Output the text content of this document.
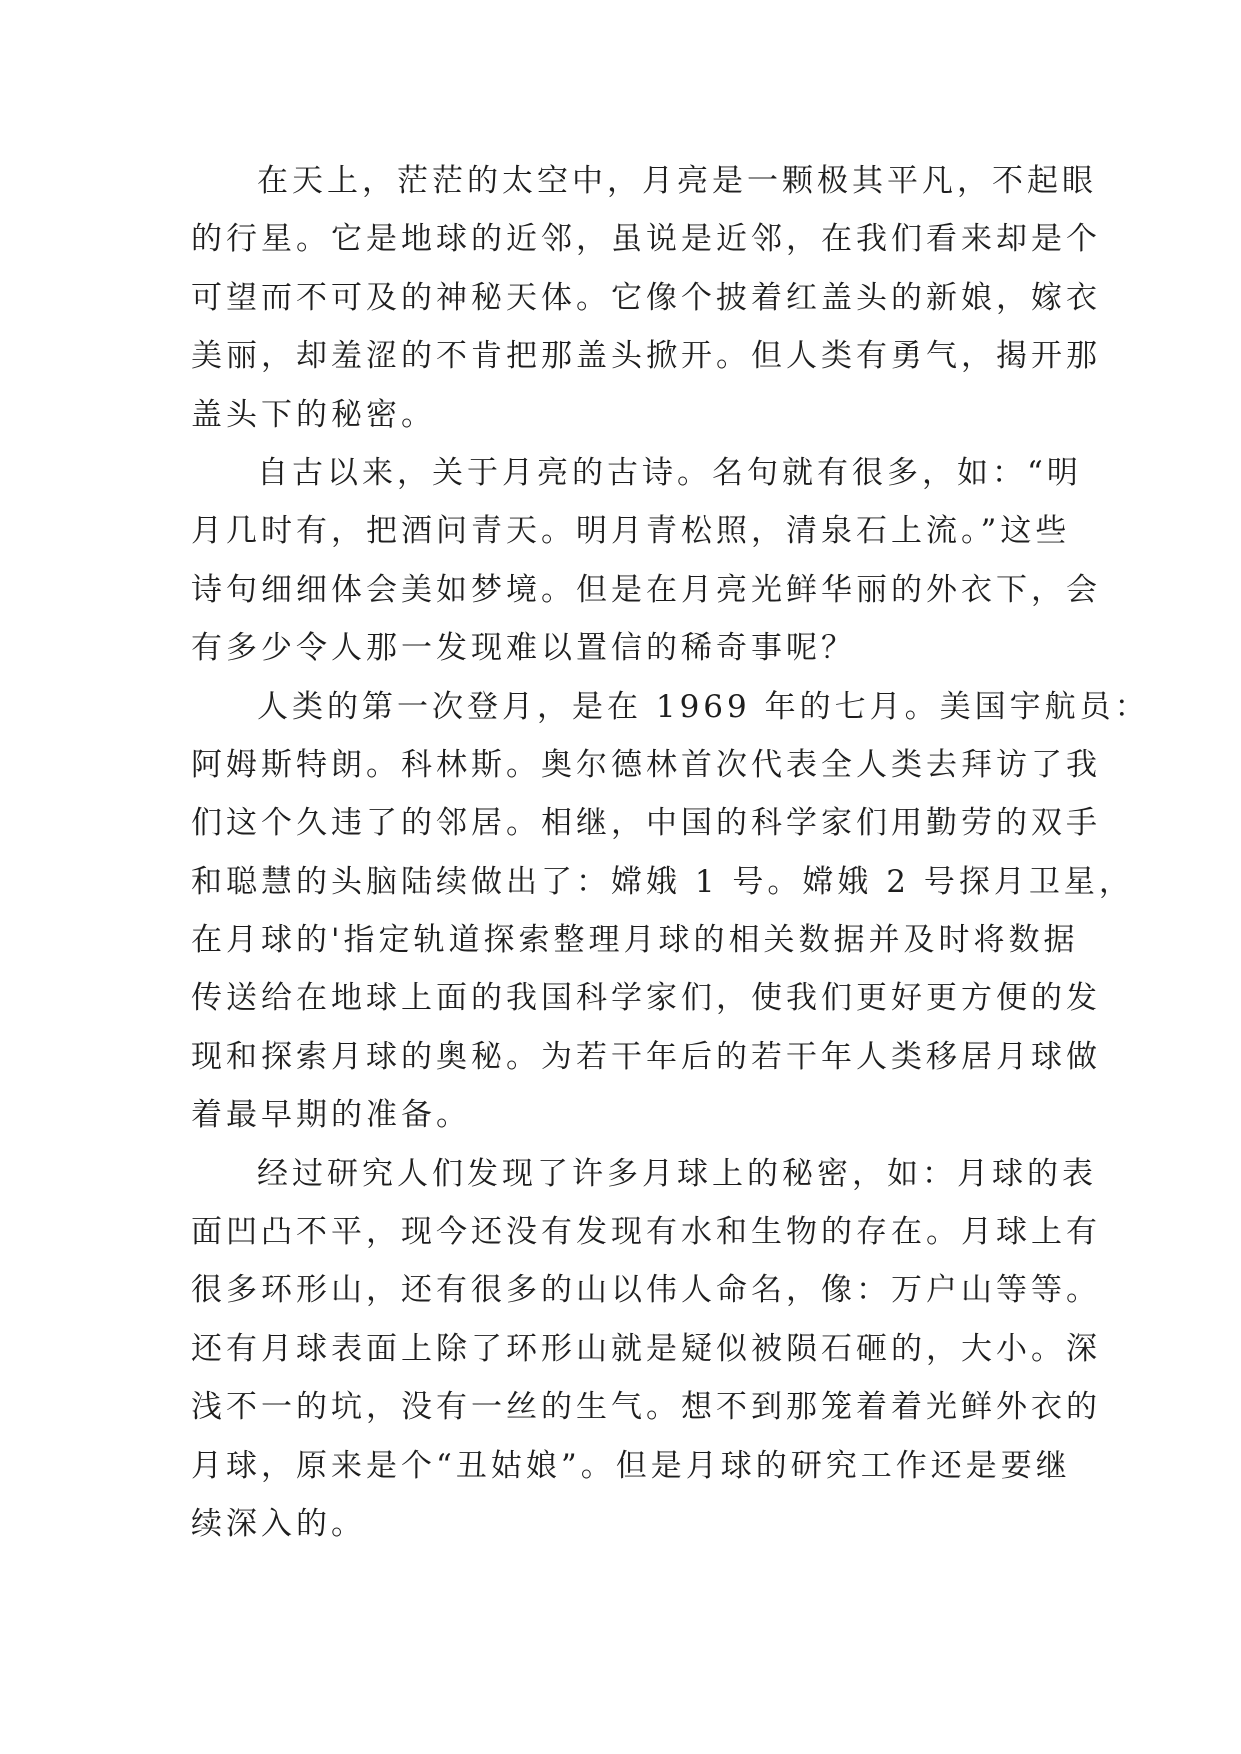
在天上，茫茫的太空中，月亮是一颗极其平凡，不起眼
的行星。它是地球的近邻，虽说是近邻，在我们看来却是个
可望而不可及的神秘天体。它像个披着红盖头的新娘，嫁衣
美丽，却羞涩的不肯把那盖头掀开。但人类有勇气，揭开那
盖头下的秘密。
自古以来，关于月亮的古诗。名句就有很多，如：“明
月几时有，把酒问青天。明月青松照，清泉石上流。”这些
诗句细细体会美如梦境。但是在月亮光鲜华丽的外衣下，会
有多少令人那一发现难以置信的稀奇事呢？
人类的第一次登月，是在 1969 年的七月。美国宇航员：
阿姆斯特朗。科林斯。奥尔德林首次代表全人类去拜访了我
们这个久违了的邻居。相继，中国的科学家们用勤劳的双手
和聪慧的头脑陆续做出了：嫦娥 1 号。嫦娥 2 号探月卫星，
在月球的'指定轨道探索整理月球的相关数据并及时将数据
传送给在地球上面的我国科学家们，使我们更好更方便的发
现和探索月球的奥秘。为若干年后的若干年人类移居月球做
着最早期的准备。
经过研究人们发现了许多月球上的秘密，如：月球的表
面凹凸不平，现今还没有发现有水和生物的存在。月球上有
很多环形山，还有很多的山以伟人命名，像：万户山等等。
还有月球表面上除了环形山就是疑似被陨石砸的，大小。深
浅不一的坑，没有一丝的生气。想不到那笼着着光鲜外衣的
月球，原来是个“丑姑娘”。但是月球的研究工作还是要继
续深入的。
